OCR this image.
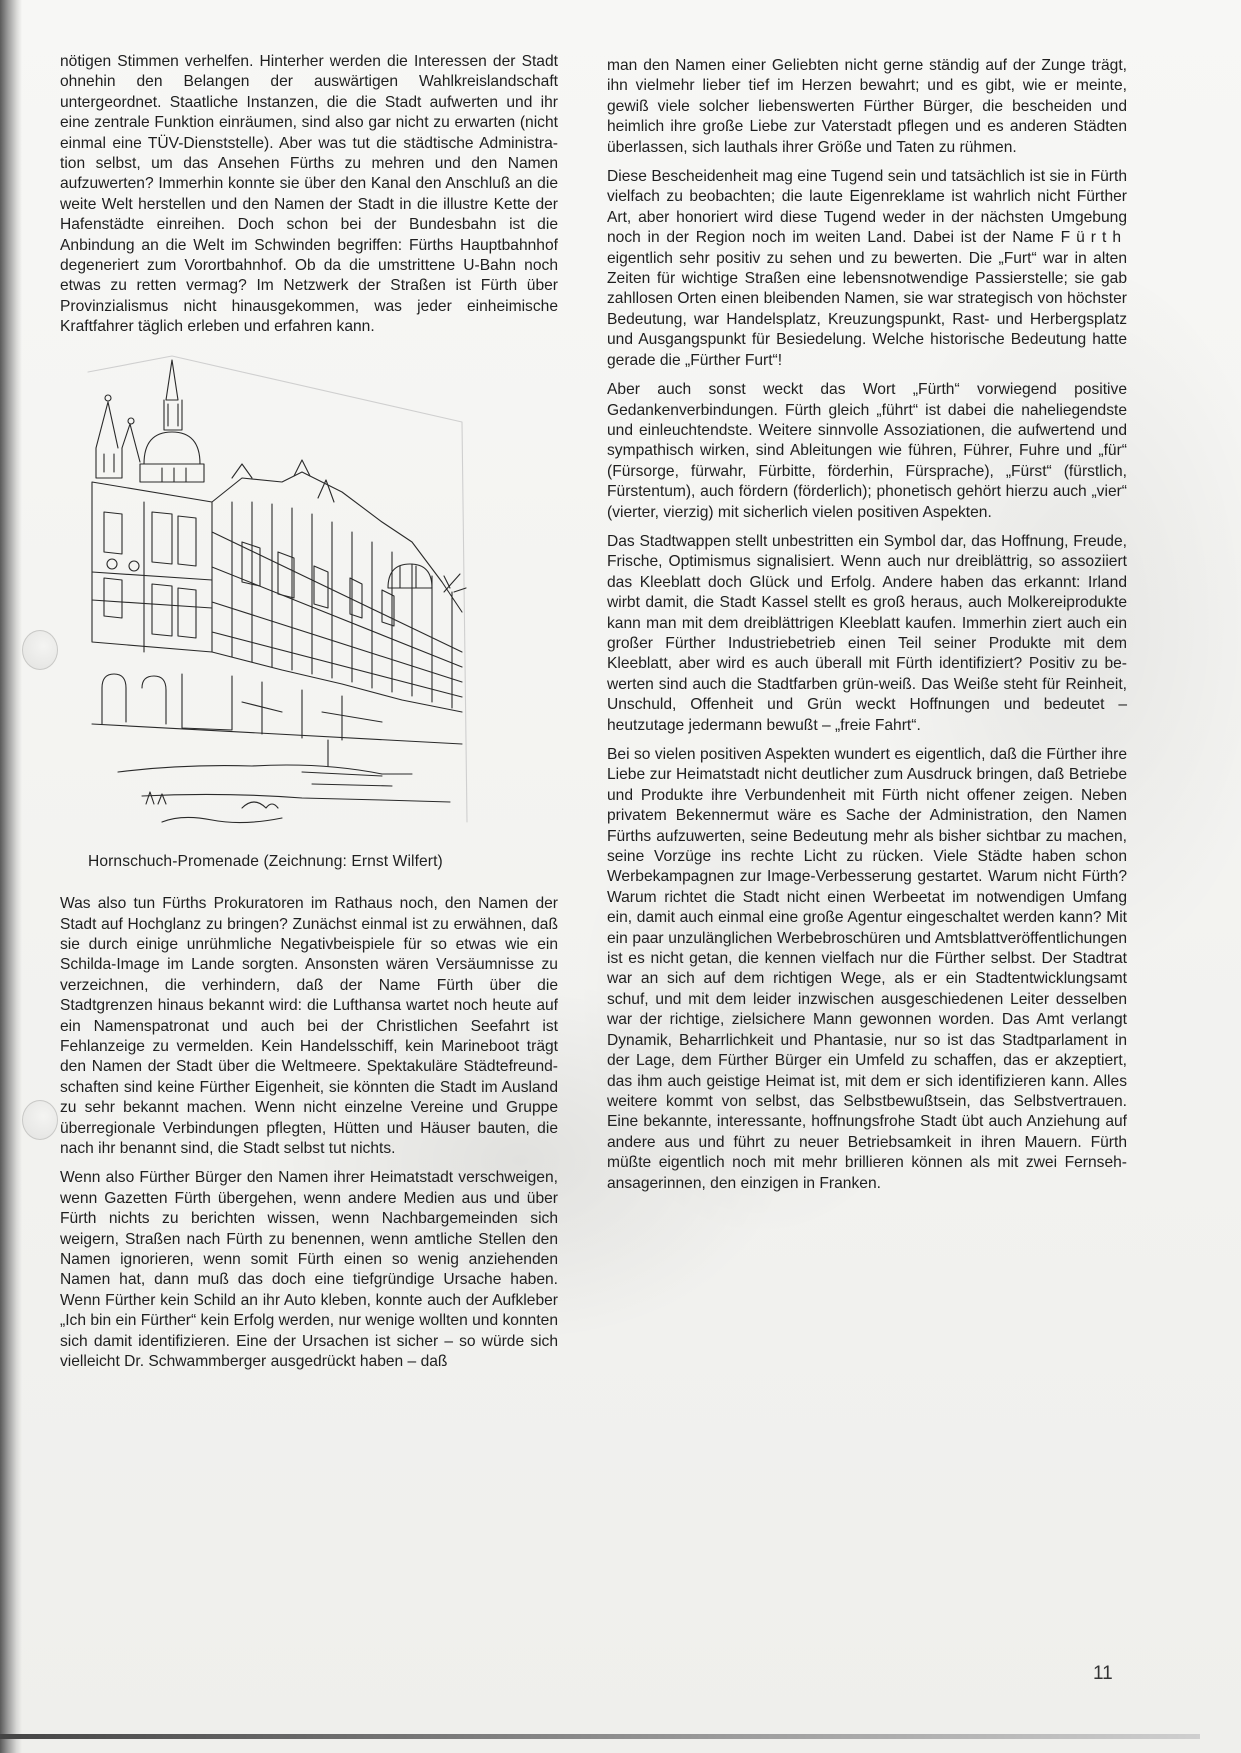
nötigen Stimmen verhelfen. Hinterher werden die Interessen der Stadt ohnehin den Belangen der auswärtigen Wahlkreislandschaft untergeordnet. Staatliche Instanzen, die die Stadt aufwerten und ihr eine zentrale Funktion einräumen, sind also gar nicht zu erwarten (nicht einmal eine TÜV-Dienststelle). Aber was tut die städtische Administration selbst, um das Ansehen Fürths zu mehren und den Namen aufzuwerten? Immerhin konnte sie über den Kanal den Anschluß an die weite Welt herstellen und den Namen der Stadt in die illustre Kette der Hafenstädte einreihen. Doch schon bei der Bundesbahn ist die Anbindung an die Welt im Schwinden begriffen: Fürths Hauptbahnhof degeneriert zum Vorortbahnhof. Ob da die umstrittene U-Bahn noch etwas zu retten vermag? Im Netzwerk der Straßen ist Fürth über Provinzialismus nicht hinausgekommen, was jeder einheimische Kraftfahrer täglich erleben und erfahren kann.

Hornschuch-Promenade (Zeichnung: Ernst Wilfert)

Was also tun Fürths Prokuratoren im Rathaus noch, den Namen der Stadt auf Hochglanz zu bringen? Zunächst einmal ist zu erwähnen, daß sie durch einige unrühmliche Negativbeispiele für so etwas wie ein Schilda-Image im Lande sorgten. Ansonsten wären Versäumnisse zu verzeichnen, die verhindern, daß der Name Fürth über die Stadtgrenzen hinaus bekannt wird: die Lufthansa wartet noch heute auf ein Namenspatronat und auch bei der Christlichen Seefahrt ist Fehlanzeige zu vermelden. Kein Handelsschiff, kein Marineboot trägt den Namen der Stadt über die Weltmeere. Spektakuläre Städtefreundschaften sind keine Fürther Eigenheit, sie könnten die Stadt im Ausland zu sehr bekannt machen. Wenn nicht einzelne Vereine und Gruppe überregionale Verbindungen pflegten, Hütten und Häuser bauten, die nach ihr benannt sind, die Stadt selbst tut nichts.

Wenn also Fürther Bürger den Namen ihrer Heimatstadt verschweigen, wenn Gazetten Fürth übergehen, wenn andere Medien aus und über Fürth nichts zu berichten wissen, wenn Nachbargemeinden sich weigern, Straßen nach Fürth zu benennen, wenn amtliche Stellen den Namen ignorieren, wenn somit Fürth einen so wenig anziehenden Namen hat, dann muß das doch eine tiefgründige Ursache haben. Wenn Fürther kein Schild an ihr Auto kleben, konnte auch der Aufkleber „Ich bin ein Fürther“ kein Erfolg werden, nur wenige wollten und konnten sich damit identifizieren. Eine der Ursachen ist sicher – so würde sich vielleicht Dr. Schwammberger ausgedrückt haben – daß

man den Namen einer Geliebten nicht gerne ständig auf der Zunge trägt, ihn vielmehr lieber tief im Herzen bewahrt; und es gibt, wie er meinte, gewiß viele solcher liebenswerten Fürther Bürger, die bescheiden und heimlich ihre große Liebe zur Vaterstadt pflegen und es anderen Städten überlassen, sich lauthals ihrer Größe und Taten zu rühmen.

Diese Bescheidenheit mag eine Tugend sein und tatsächlich ist sie in Fürth vielfach zu beobachten; die laute Eigenreklame ist wahrlich nicht Fürther Art, aber honoriert wird diese Tugend weder in der nächsten Umgebung noch in der Region noch im weiten Land. Dabei ist der Name Fürth eigentlich sehr positiv zu sehen und zu bewerten. Die „Furt“ war in alten Zeiten für wichtige Straßen eine lebensnotwendige Passierstelle; sie gab zahllosen Orten einen bleibenden Namen, sie war strategisch von höchster Bedeutung, war Handelsplatz, Kreuzungspunkt, Rast- und Herbergsplatz und Ausgangspunkt für Besiedelung. Welche historische Bedeutung hatte gerade die „Fürther Furt“!

Aber auch sonst weckt das Wort „Fürth“ vorwiegend positive Gedankenverbindungen. Fürth gleich „führt“ ist dabei die naheliegendste und einleuchtendste. Weitere sinnvolle Assoziationen, die aufwertend und sympathisch wirken, sind Ableitungen wie führen, Führer, Fuhre und „für“ (Fürsorge, fürwahr, Fürbitte, förderhin, Fürsprache), „Fürst“ (fürstlich, Fürstentum), auch fördern (förderlich); phonetisch gehört hierzu auch „vier“ (vierter, vierzig) mit sicherlich vielen positiven Aspekten.

Das Stadtwappen stellt unbestritten ein Symbol dar, das Hoffnung, Freude, Frische, Optimismus signalisiert. Wenn auch nur dreiblättrig, so assoziiert das Kleeblatt doch Glück und Erfolg. Andere haben das erkannt: Irland wirbt damit, die Stadt Kassel stellt es groß heraus, auch Molkereiprodukte kann man mit dem dreiblättrigen Kleeblatt kaufen. Immerhin ziert auch ein großer Fürther Industriebetrieb einen Teil seiner Produkte mit dem Kleeblatt, aber wird es auch überall mit Fürth identifiziert? Positiv zu bewerten sind auch die Stadtfarben grün-weiß. Das Weiße steht für Reinheit, Unschuld, Offenheit und Grün weckt Hoffnungen und bedeutet – heutzutage jedermann bewußt – „freie Fahrt“.

Bei so vielen positiven Aspekten wundert es eigentlich, daß die Fürther ihre Liebe zur Heimatstadt nicht deutlicher zum Ausdruck bringen, daß Betriebe und Produkte ihre Verbundenheit mit Fürth nicht offener zeigen. Neben privatem Bekennermut wäre es Sache der Administration, den Namen Fürths aufzuwerten, seine Bedeutung mehr als bisher sichtbar zu machen, seine Vorzüge ins rechte Licht zu rücken. Viele Städte haben schon Werbekampagnen zur Image-Verbesserung gestartet. Warum nicht Fürth? Warum richtet die Stadt nicht einen Werbeetat im notwendigen Umfang ein, damit auch einmal eine große Agentur eingeschaltet werden kann? Mit ein paar unzulänglichen Werbebroschüren und Amtsblattveröffentlichungen ist es nicht getan, die kennen vielfach nur die Fürther selbst. Der Stadtrat war an sich auf dem richtigen Wege, als er ein Stadtentwicklungsamt schuf, und mit dem leider inzwischen ausgeschiedenen Leiter desselben war der richtige, zielsichere Mann gewonnen worden. Das Amt verlangt Dynamik, Beharrlichkeit und Phantasie, nur so ist das Stadtparlament in der Lage, dem Fürther Bürger ein Umfeld zu schaffen, das er akzeptiert, das ihm auch geistige Heimat ist, mit dem er sich identifizieren kann. Alles weitere kommt von selbst, das Selbstbewußtsein, das Selbstvertrauen. Eine bekannte, interessante, hoffnungsfrohe Stadt übt auch Anziehung auf andere aus und führt zu neuer Betriebsamkeit in ihren Mauern. Fürth müßte eigentlich noch mit mehr brillieren können als mit zwei Fernsehansagerinnen, den einzigen in Franken.

11
